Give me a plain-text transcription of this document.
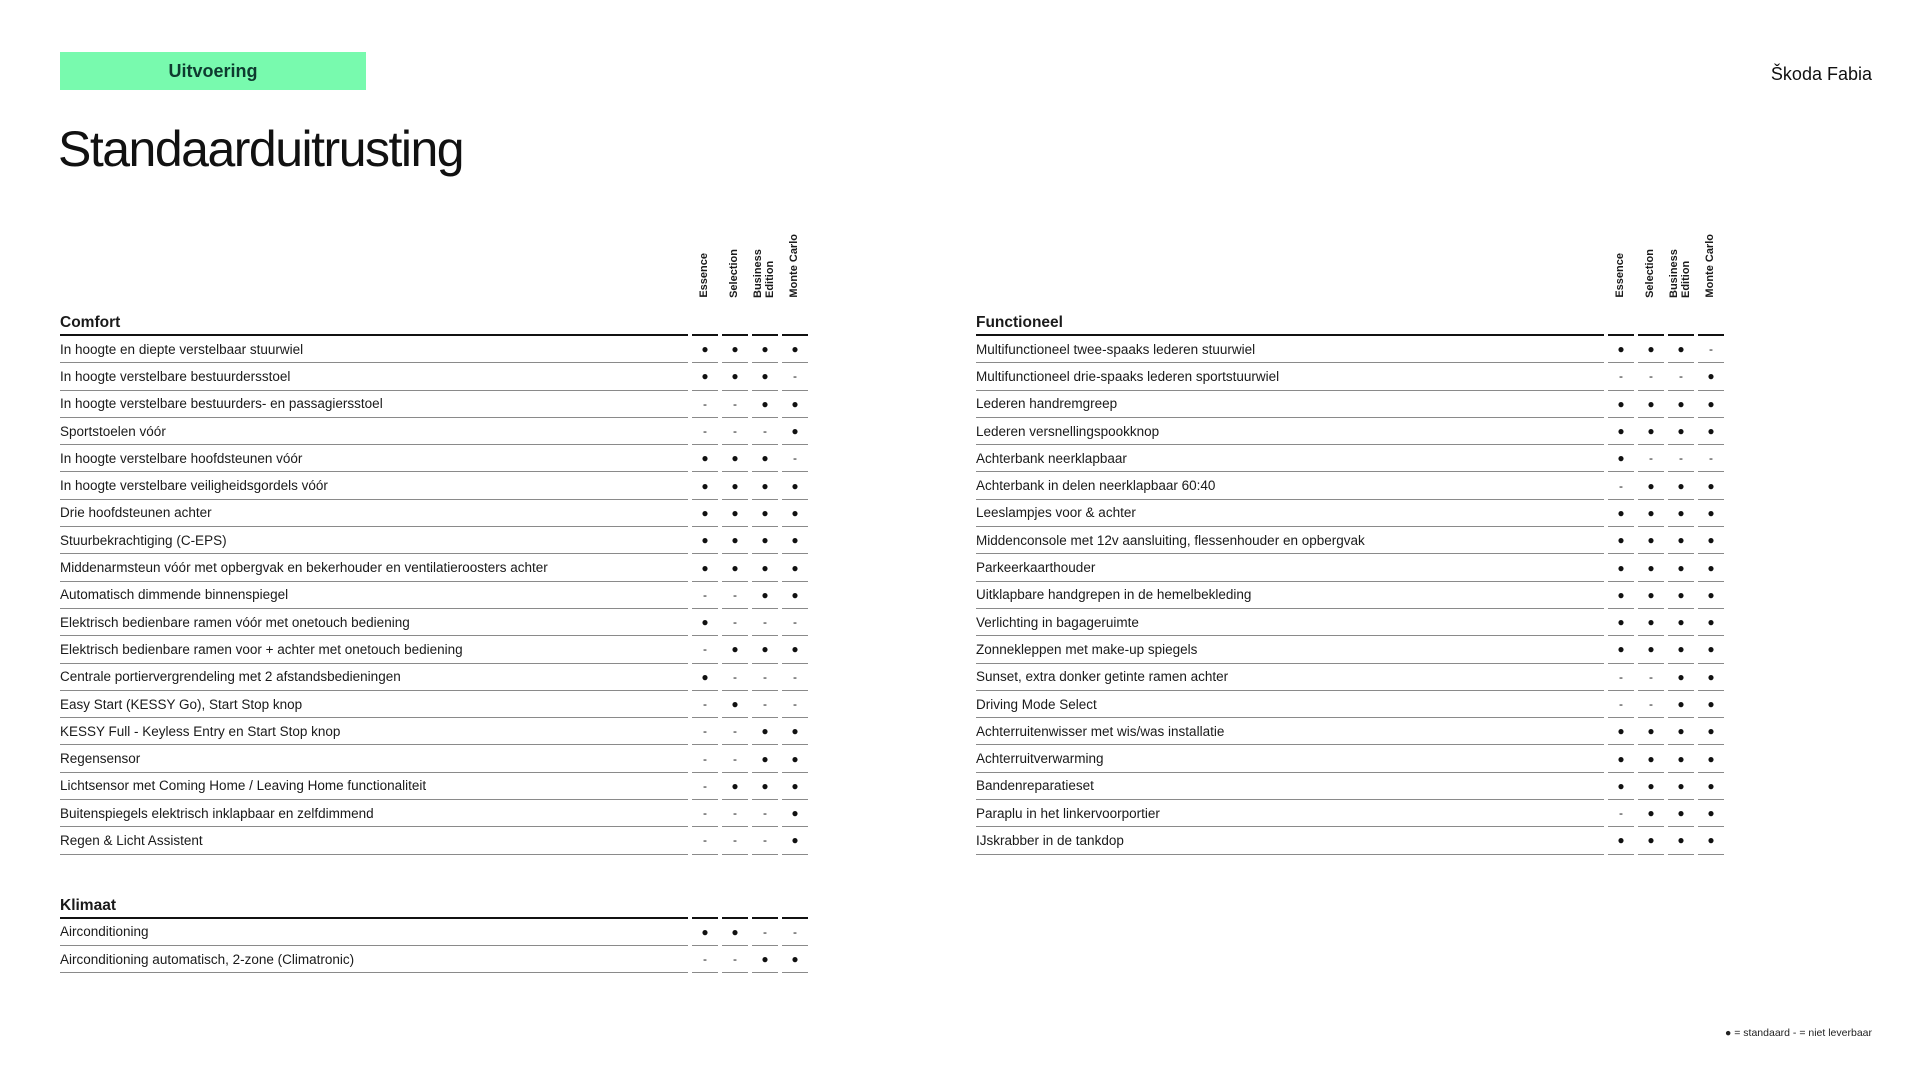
Uitvoering	Škoda Fabia
Standaarduitrusting
Essence Selection Business Edition Monte Carlo
Comfort
In hoogte en diepte verstelbaar stuurwiel	●	●	●	●
In hoogte verstelbare bestuurdersstoel	●	●	●	-
In hoogte verstelbare bestuurders- en passagiersstoel	-	-	●	●
Sportstoelen vóór	-	-	-	●
In hoogte verstelbare hoofdsteunen vóór	●	●	●	-
In hoogte verstelbare veiligheidsgordels vóór	●	●	●	●
Drie hoofdsteunen achter	●	●	●	●
Stuurbekrachtiging (C-EPS)	●	●	●	●
Middenarmsteun vóór met opbergvak en bekerhouder en ventilatieroosters achter	●	●	●	●
Automatisch dimmende binnenspiegel	-	-	●	●
Elektrisch bedienbare ramen vóór met onetouch bediening	●	-	-	-
Elektrisch bedienbare ramen voor + achter met onetouch bediening	-	●	●	●
Centrale portiervergrendeling met 2 afstandsbedieningen	●	-	-	-
Easy Start (KESSY Go), Start Stop knop	-	●	-	-
KESSY Full - Keyless Entry en Start Stop knop	-	-	●	●
Regensensor	-	-	●	●
Lichtsensor met Coming Home / Leaving Home functionaliteit	-	●	●	●
Buitenspiegels elektrisch inklapbaar en zelfdimmend	-	-	-	●
Regen & Licht Assistent	-	-	-	●
Klimaat
Airconditioning	●	●	-	-
Airconditioning automatisch, 2-zone (Climatronic)	-	-	●	●
Essence Selection Business Edition Monte Carlo
Functioneel
Multifunctioneel twee-spaaks lederen stuurwiel	●	●	●	-
Multifunctioneel drie-spaaks lederen sportstuurwiel	-	-	-	●
Lederen handremgreep	●	●	●	●
Lederen versnellingspookknop	●	●	●	●
Achterbank neerklapbaar	●	-	-	-
Achterbank in delen neerklapbaar 60:40	-	●	●	●
Leeslampjes voor & achter	●	●	●	●
Middenconsole met 12v aansluiting, flessenhouder en opbergvak	●	●	●	●
Parkeerkaarthouder	●	●	●	●
Uitklapbare handgrepen in de hemelbekleding	●	●	●	●
Verlichting in bagageruimte	●	●	●	●
Zonnekleppen met make-up spiegels	●	●	●	●
Sunset, extra donker getinte ramen achter	-	-	●	●
Driving Mode Select	-	-	●	●
Achterruitenwisser met wis/was installatie	●	●	●	●
Achterruitverwarming	●	●	●	●
Bandenreparatieset	●	●	●	●
Paraplu in het linkervoorportier	-	●	●	●
IJskrabber in de tankdop	●	●	●	●
● = standaard - = niet leverbaar
